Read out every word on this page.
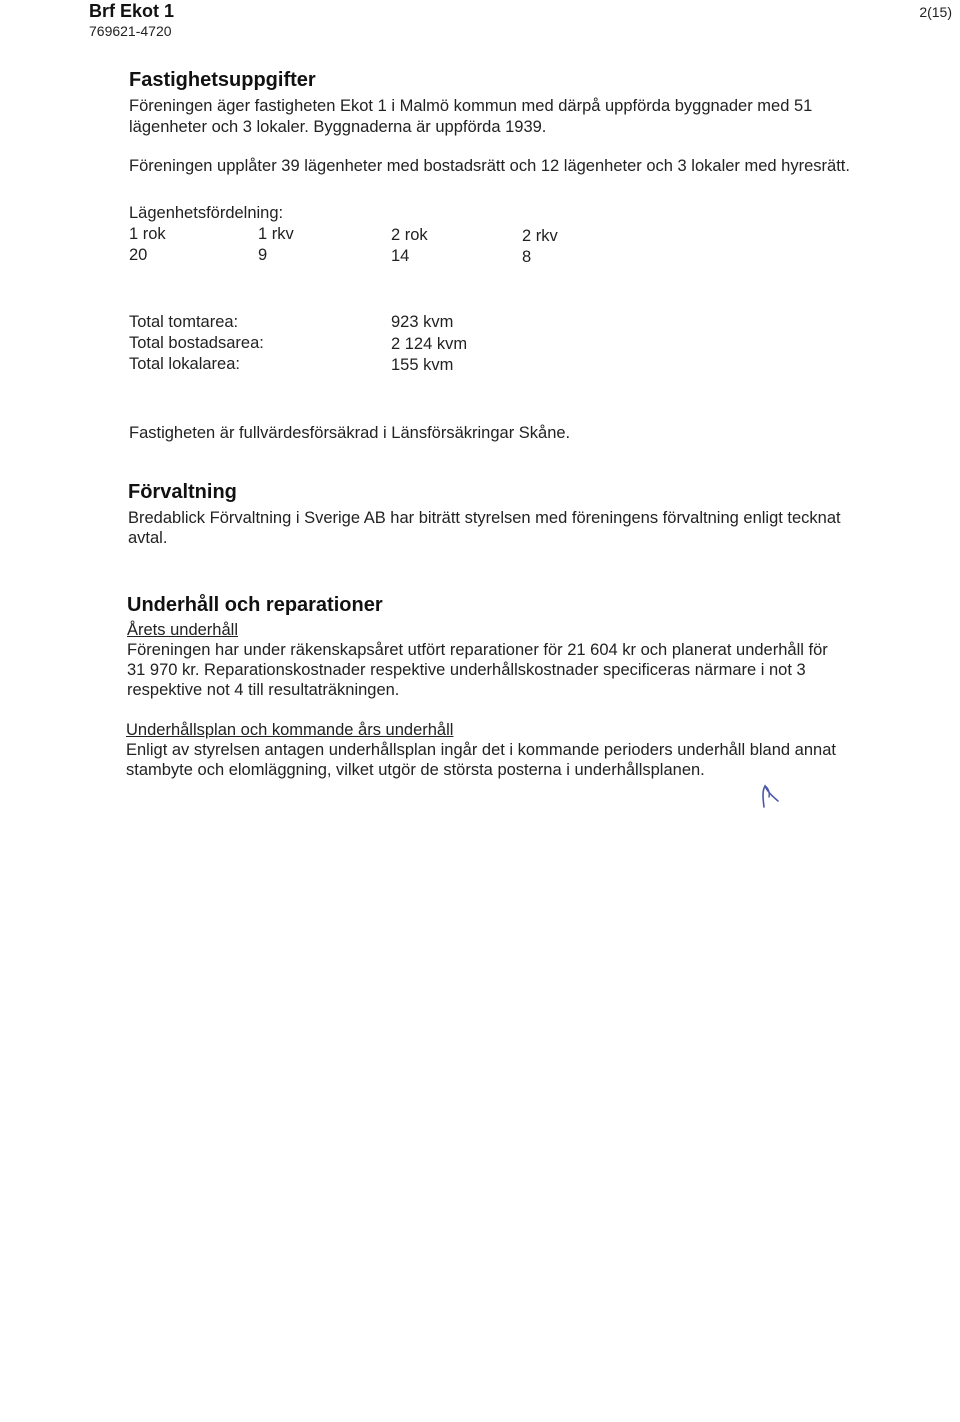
Brf Ekot 1
769621-4720
2(15)
Fastighetsuppgifter
Föreningen äger fastigheten Ekot 1 i Malmö kommun med därpå uppförda byggnader med 51
lägenheter och 3 lokaler. Byggnaderna är uppförda 1939.
Föreningen upplåter 39 lägenheter med bostadsrätt och 12 lägenheter och 3 lokaler med hyresrätt.
Lägenhetsfördelning:
1 rok	1 rkv	2 rok	2 rkv
20	9	14	8
Total tomtarea:	923 kvm
Total bostadsarea:	2 124 kvm
Total lokalarea:	155 kvm
Fastigheten är fullvärdesförsäkrad i Länsförsäkringar Skåne.
Förvaltning
Bredablick Förvaltning i Sverige AB har biträtt styrelsen med föreningens förvaltning enligt tecknat
avtal.
Underhåll och reparationer
Årets underhåll
Föreningen har under räkenskapsåret utfört reparationer för 21 604 kr och planerat underhåll för
31 970 kr. Reparationskostnader respektive underhållskostnader specificeras närmare i not 3
respektive not 4 till resultaträkningen.
Underhållsplan och kommande års underhåll
Enligt av styrelsen antagen underhållsplan ingår det i kommande perioders underhåll bland annat
stambyte och elomläggning, vilket utgör de största posterna i underhållsplanen.
